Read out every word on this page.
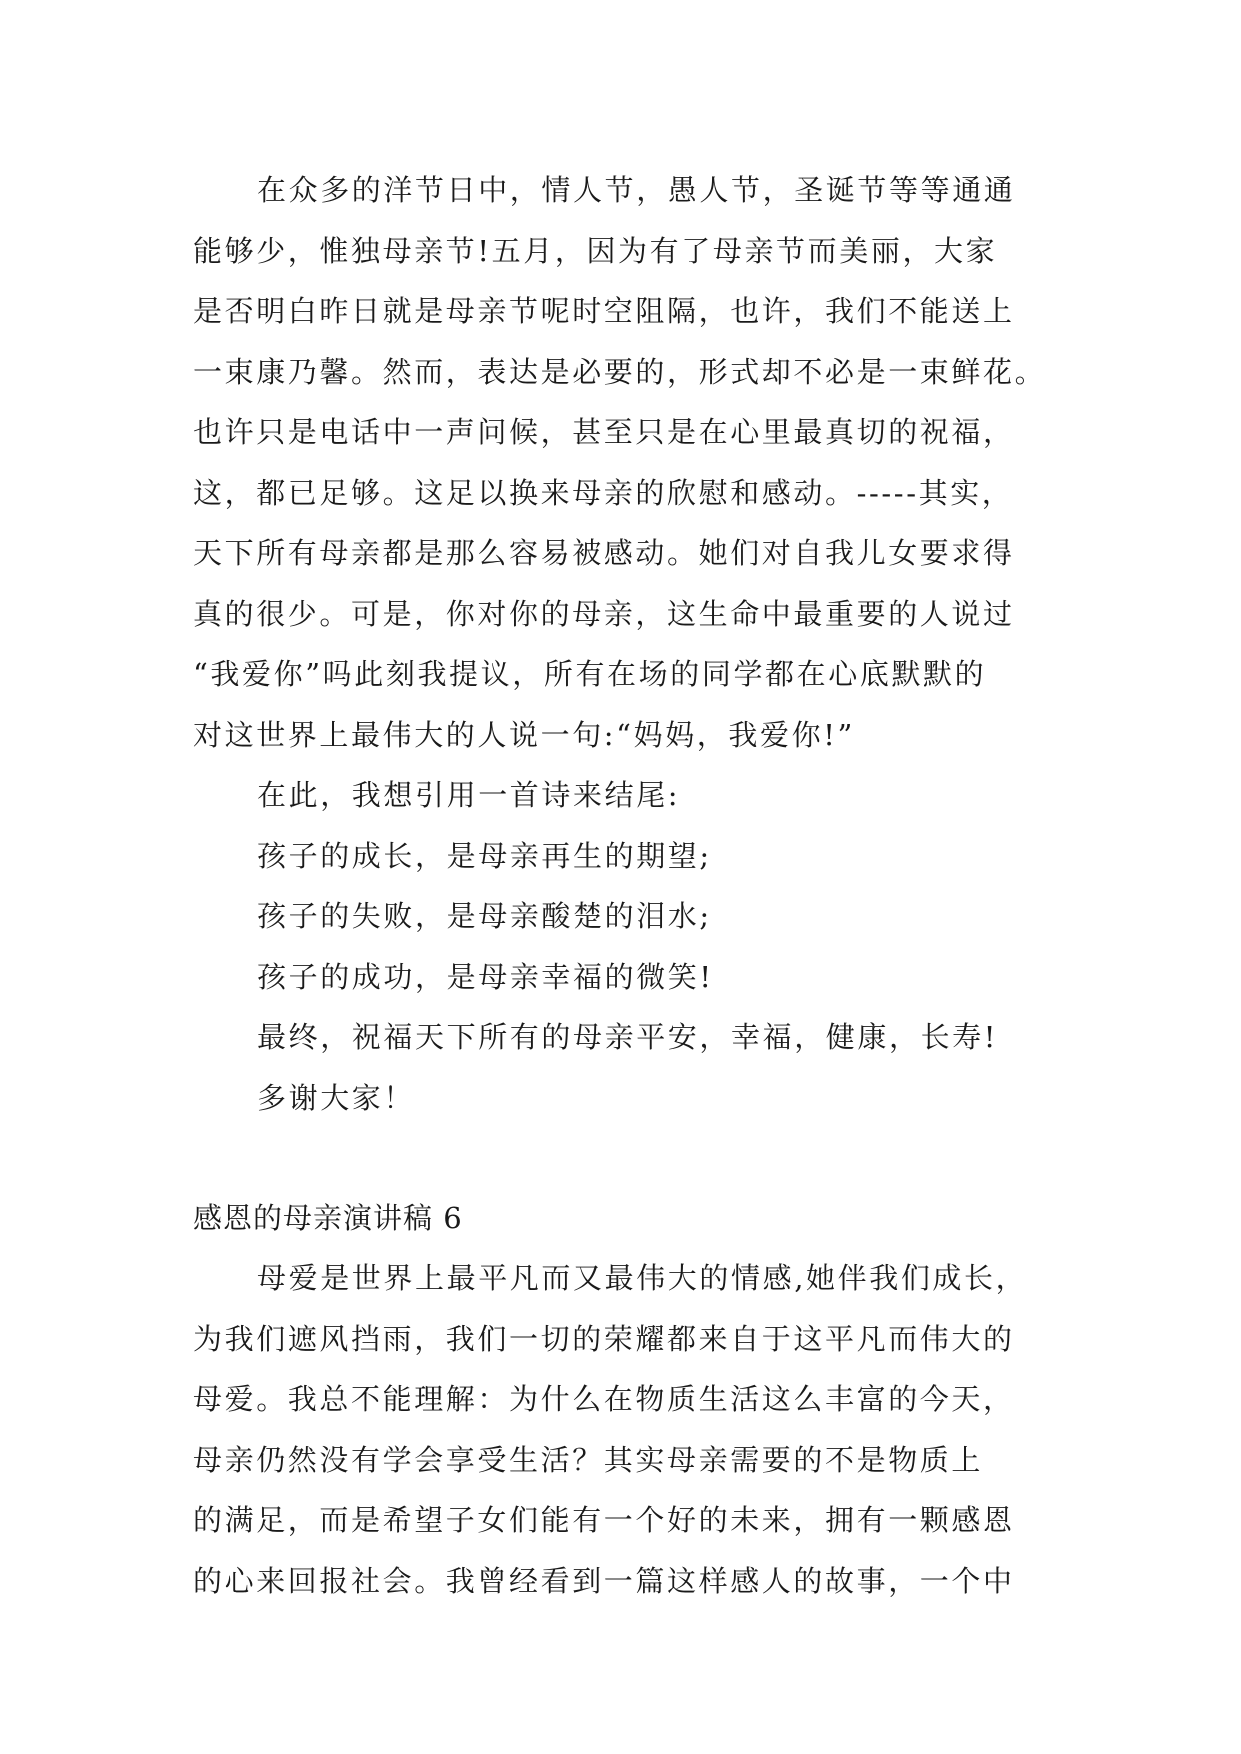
在众多的洋节日中，情人节，愚人节，圣诞节等等通通
能够少，惟独母亲节!五月，因为有了母亲节而美丽，大家
是否明白昨日就是母亲节呢时空阻隔，也许，我们不能送上
一束康乃馨。然而，表达是必要的，形式却不必是一束鲜花。
也许只是电话中一声问候，甚至只是在心里最真切的祝福，
这，都已足够。这足以换来母亲的欣慰和感动。-----其实，
天下所有母亲都是那么容易被感动。她们对自我儿女要求得
真的很少。可是，你对你的母亲，这生命中最重要的人说过
“我爱你”吗此刻我提议，所有在场的同学都在心底默默的
对这世界上最伟大的人说一句:“妈妈，我爱你!”
在此，我想引用一首诗来结尾:
孩子的成长，是母亲再生的期望;
孩子的失败，是母亲酸楚的泪水;
孩子的成功，是母亲幸福的微笑!
最终，祝福天下所有的母亲平安，幸福，健康，长寿!
多谢大家！
感恩的母亲演讲稿 6
母爱是世界上最平凡而又最伟大的情感,她伴我们成长，
为我们遮风挡雨，我们一切的荣耀都来自于这平凡而伟大的
母爱。我总不能理解：为什么在物质生活这么丰富的今天，
母亲仍然没有学会享受生活？其实母亲需要的不是物质上
的满足，而是希望子女们能有一个好的未来，拥有一颗感恩
的心来回报社会。我曾经看到一篇这样感人的故事，一个中
